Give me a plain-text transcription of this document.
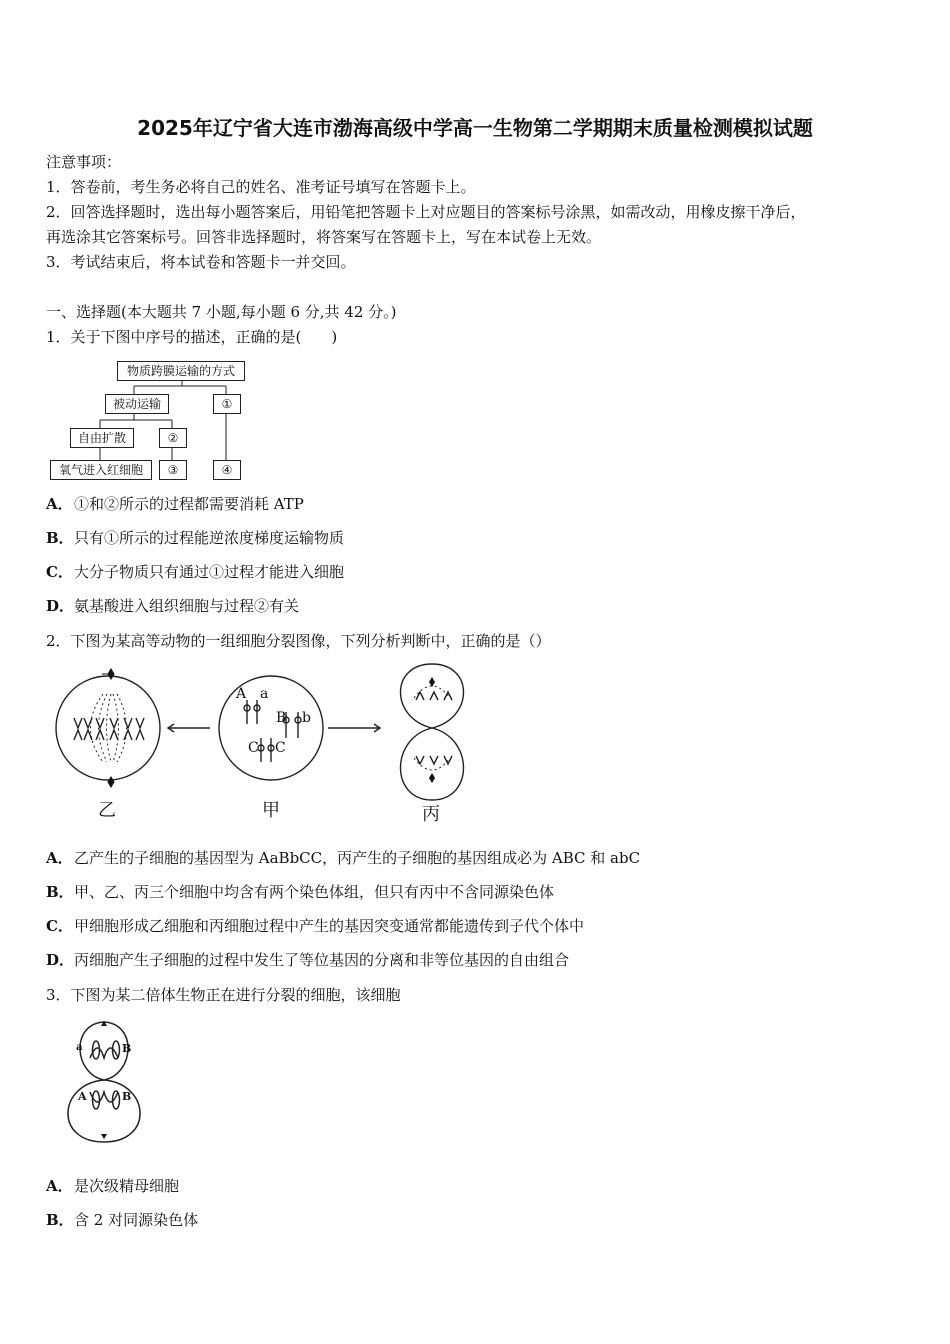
2025年辽宁省大连市渤海高级中学高一生物第二学期期末质量检测模拟试题
注意事项：
1．答卷前，考生务必将自己的姓名、准考证号填写在答题卡上。
2．回答选择题时，选出每小题答案后，用铅笔把答题卡上对应题目的答案标号涂黑，如需改动，用橡皮擦干净后，
再选涂其它答案标号。回答非选择题时，将答案写在答题卡上，写在本试卷上无效。
3．考试结束后，将本试卷和答题卡一并交回。
一、选择题(本大题共 7 小题,每小题 6 分,共 42 分。)
1．关于下图中序号的描述，正确的是(　　)
物质跨膜运输的方式
被动运输	①
自由扩散	②
氧气进入红细胞	③	④
A．①和②所示的过程都需要消耗 ATP
B．只有①所示的过程能逆浓度梯度运输物质
C．大分子物质只有通过①过程才能进入细胞
D．氨基酸进入组织细胞与过程②有关
2．下图为某高等动物的一组细胞分裂图像，下列分析判断中，正确的是（）
A a
B b
C C
乙	甲	丙
A．乙产生的子细胞的基因型为 AaBbCC，丙产生的子细胞的基因组成必为 ABC 和 abC
B．甲、乙、丙三个细胞中均含有两个染色体组，但只有丙中不含同源染色体
C．甲细胞形成乙细胞和丙细胞过程中产生的基因突变通常都能遗传到子代个体中
D．丙细胞产生子细胞的过程中发生了等位基因的分离和非等位基因的自由组合
3．下图为某二倍体生物正在进行分裂的细胞，该细胞
a	B
A	B
A．是次级精母细胞
B．含 2 对同源染色体
